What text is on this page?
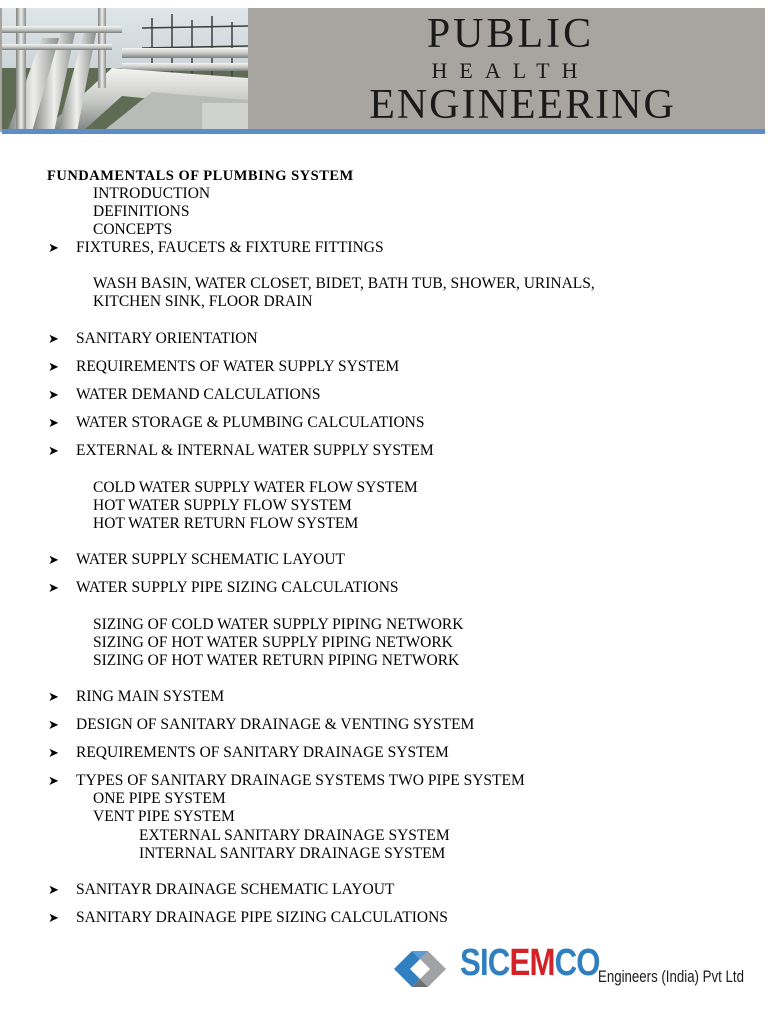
PUBLIC
HEALTH
ENGINEERING
FUNDAMENTALS OF PLUMBING SYSTEM
INTRODUCTION
DEFINITIONS
CONCEPTS
➤ FIXTURES, FAUCETS & FIXTURE FITTINGS
WASH BASIN, WATER CLOSET, BIDET, BATH TUB, SHOWER, URINALS,
KITCHEN SINK, FLOOR DRAIN
➤ SANITARY ORIENTATION
➤ REQUIREMENTS OF WATER SUPPLY SYSTEM
➤ WATER DEMAND CALCULATIONS
➤ WATER STORAGE & PLUMBING CALCULATIONS
➤ EXTERNAL & INTERNAL WATER SUPPLY SYSTEM
COLD WATER SUPPLY WATER FLOW SYSTEM
HOT WATER SUPPLY FLOW SYSTEM
HOT WATER RETURN FLOW SYSTEM
➤ WATER SUPPLY SCHEMATIC LAYOUT
➤ WATER SUPPLY PIPE SIZING CALCULATIONS
SIZING OF COLD WATER SUPPLY PIPING NETWORK
SIZING OF HOT WATER SUPPLY PIPING NETWORK
SIZING OF HOT WATER RETURN PIPING NETWORK
➤ RING MAIN SYSTEM
➤ DESIGN OF SANITARY DRAINAGE & VENTING SYSTEM
➤ REQUIREMENTS OF SANITARY DRAINAGE SYSTEM
➤ TYPES OF SANITARY DRAINAGE SYSTEMS TWO PIPE SYSTEM
ONE PIPE SYSTEM
VENT PIPE SYSTEM
EXTERNAL SANITARY DRAINAGE SYSTEM
INTERNAL SANITARY DRAINAGE SYSTEM
➤ SANITAYR DRAINAGE SCHEMATIC LAYOUT
➤ SANITARY DRAINAGE PIPE SIZING CALCULATIONS
SICEMCO
Engineers (India) Pvt Ltd
